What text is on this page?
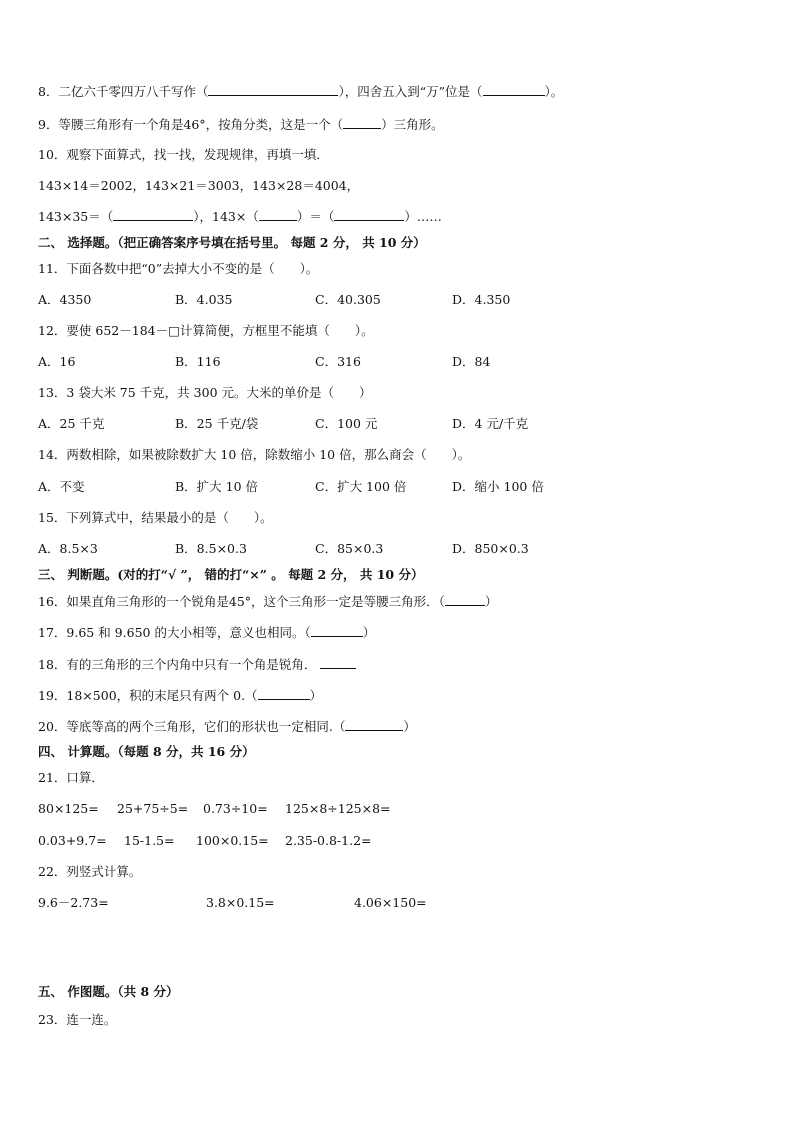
8．二亿六千零四万八千写作（	），四舍五入到“万”位是（	）。
9．等腰三角形有一个角是46°，按角分类，这是一个（	）三角形。
10．观察下面算式，找一找，发现规律，再填一填．
143×14＝2002，143×21＝3003，143×28＝4004，
143×35＝（	），143×（	）＝（	）……
二、 选择题。（把正确答案序号填在括号里。 每题 2 分， 共 10 分）
11．下面各数中把“0”去掉大小不变的是（　　）。
A．4350	B．4.035	C．40.305	D．4.350
12．要使 652－184－□计算简便，方框里不能填（　　）。
A．16	B．116	C．316	D．84
13．3 袋大米 75 千克，共 300 元。大米的单价是（　　）
A．25 千克	B．25 千克/袋	C．100 元	D．4 元/千克
14．两数相除，如果被除数扩大 10 倍，除数缩小 10 倍，那么商会（　　）。
A．不变	B．扩大 10 倍	C．扩大 100 倍	D．缩小 100 倍
15．下列算式中，结果最小的是（　　）。
A．8.5×3	B．8.5×0.3	C．85×0.3	D．850×0.3
三、 判断题。(对的打“√ ”， 错的打“×” 。 每题 2 分， 共 10 分）
16．如果直角三角形的一个锐角是45°，这个三角形一定是等腰三角形．（	）
17．9.65 和 9.650 的大小相等，意义也相同。（	）
18．有的三角形的三个内角中只有一个角是锐角．
19．18×500，积的末尾只有两个 0.（	）
20．等底等高的两个三角形，它们的形状也一定相同.（	）
四、 计算题。（每题 8 分，共 16 分）
21．口算．
80×125= 25+75÷5= 0.73÷10= 125×8÷125×8=
0.03+9.7= 15-1.5= 100×0.15= 2.35-0.8-1.2=
22．列竖式计算。
9.6－2.73=	3.8×0.15=	4.06×150=
五、 作图题。（共 8 分）
23．连一连。
